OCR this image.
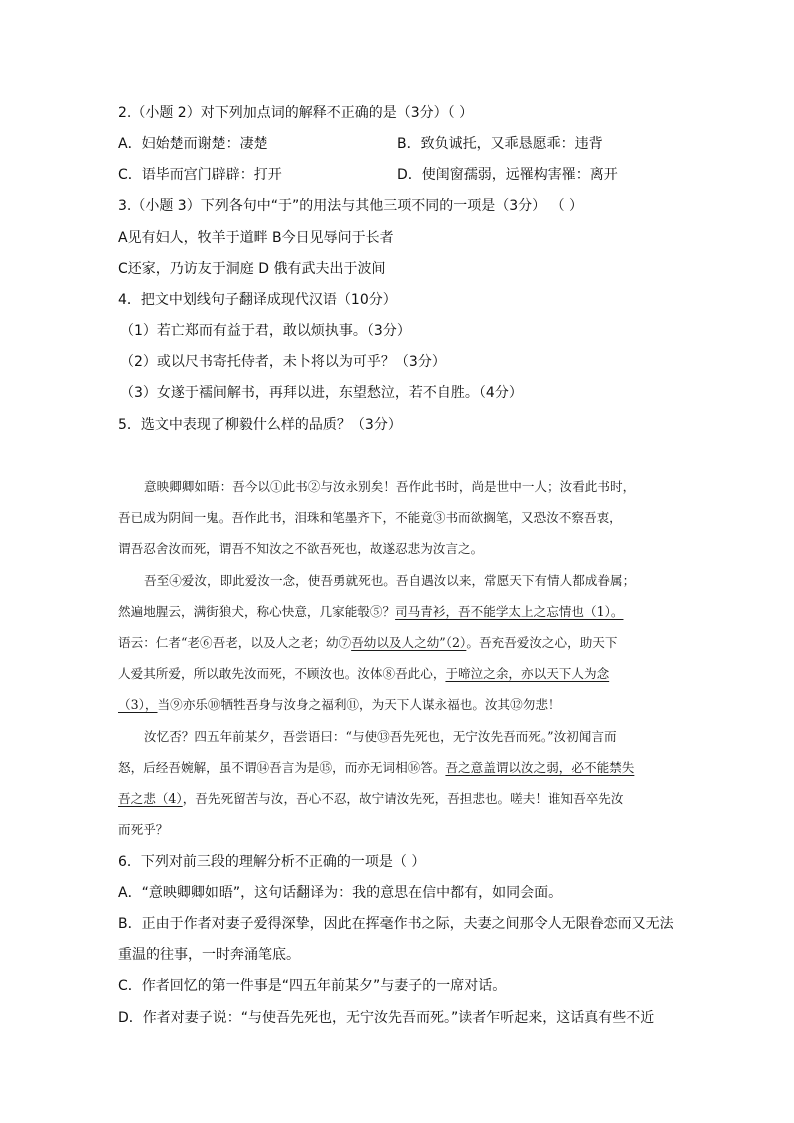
2.（小题 2）对下列加点词的解释不正确的是（3分）（ ）
A．妇始楚而谢楚：凄楚	B．致负诚托，又乖恳愿乖：违背
C．语毕而宫门辟辟：打开	D．使闺窗孺弱，远罹构害罹：离开
3.（小题 3）下列各句中“于”的用法与其他三项不同的一项是（3分） （ ）
A见有妇人，牧羊于道畔 B今日见辱问于长者
C还家，乃访友于洞庭 D 俄有武夫出于波间
4．把文中划线句子翻译成现代汉语（10分）
（1）若亡郑而有益于君，敢以烦执事。（3分）
（2）或以尺书寄托侍者，未卜将以为可乎？（3分）
（3）女遂于襦间解书，再拜以进，东望愁泣，若不自胜。（4分）
5．选文中表现了柳毅什么样的品质？（3分）
意映卿卿如晤：吾今以①此书②与汝永别矣！吾作此书时，尚是世中一人；汝看此书时，
吾已成为阴间一鬼。吾作此书，泪珠和笔墨齐下，不能竟③书而欲搁笔，又恐汝不察吾衷，
谓吾忍舍汝而死，谓吾不知汝之不欲吾死也，故遂忍悲为汝言之。
吾至④爱汝，即此爱汝一念，使吾勇就死也。吾自遇汝以来，常愿天下有情人都成眷属；
然遍地腥云，满街狼犬，称心快意，几家能彀⑤？司马青衫，吾不能学太上之忘情也（1）。
语云：仁者“老⑥吾老，以及人之老；幼⑦吾幼以及人之幼”（2）。吾充吾爱汝之心，助天下
人爱其所爱，所以敢先汝而死，不顾汝也。汝体⑧吾此心，于啼泣之余，亦以天下人为念
（3），当⑨亦乐⑩牺牲吾身与汝身之福利⑪，为天下人谋永福也。汝其⑫勿悲！
汝忆否？四五年前某夕，吾尝语曰：“与使⑬吾先死也，无宁汝先吾而死。”汝初闻言而
怒，后经吾婉解，虽不谓⑭吾言为是⑮，而亦无词相⑯答。吾之意盖谓以汝之弱，必不能禁失
吾之悲（4），吾先死留苦与汝，吾心不忍，故宁请汝先死，吾担悲也。嗟夫！谁知吾卒先汝
而死乎？
6．下列对前三段的理解分析不正确的一项是（ ）
A．“意映卿卿如晤”，这句话翻译为：我的意思在信中都有，如同会面。
B．正由于作者对妻子爱得深挚，因此在挥毫作书之际，夫妻之间那令人无限眷恋而又无法
重温的往事，一时奔涌笔底。
C．作者回忆的第一件事是“四五年前某夕”与妻子的一席对话。
D．作者对妻子说：“与使吾先死也，无宁汝先吾而死。”读者乍听起来，这话真有些不近
